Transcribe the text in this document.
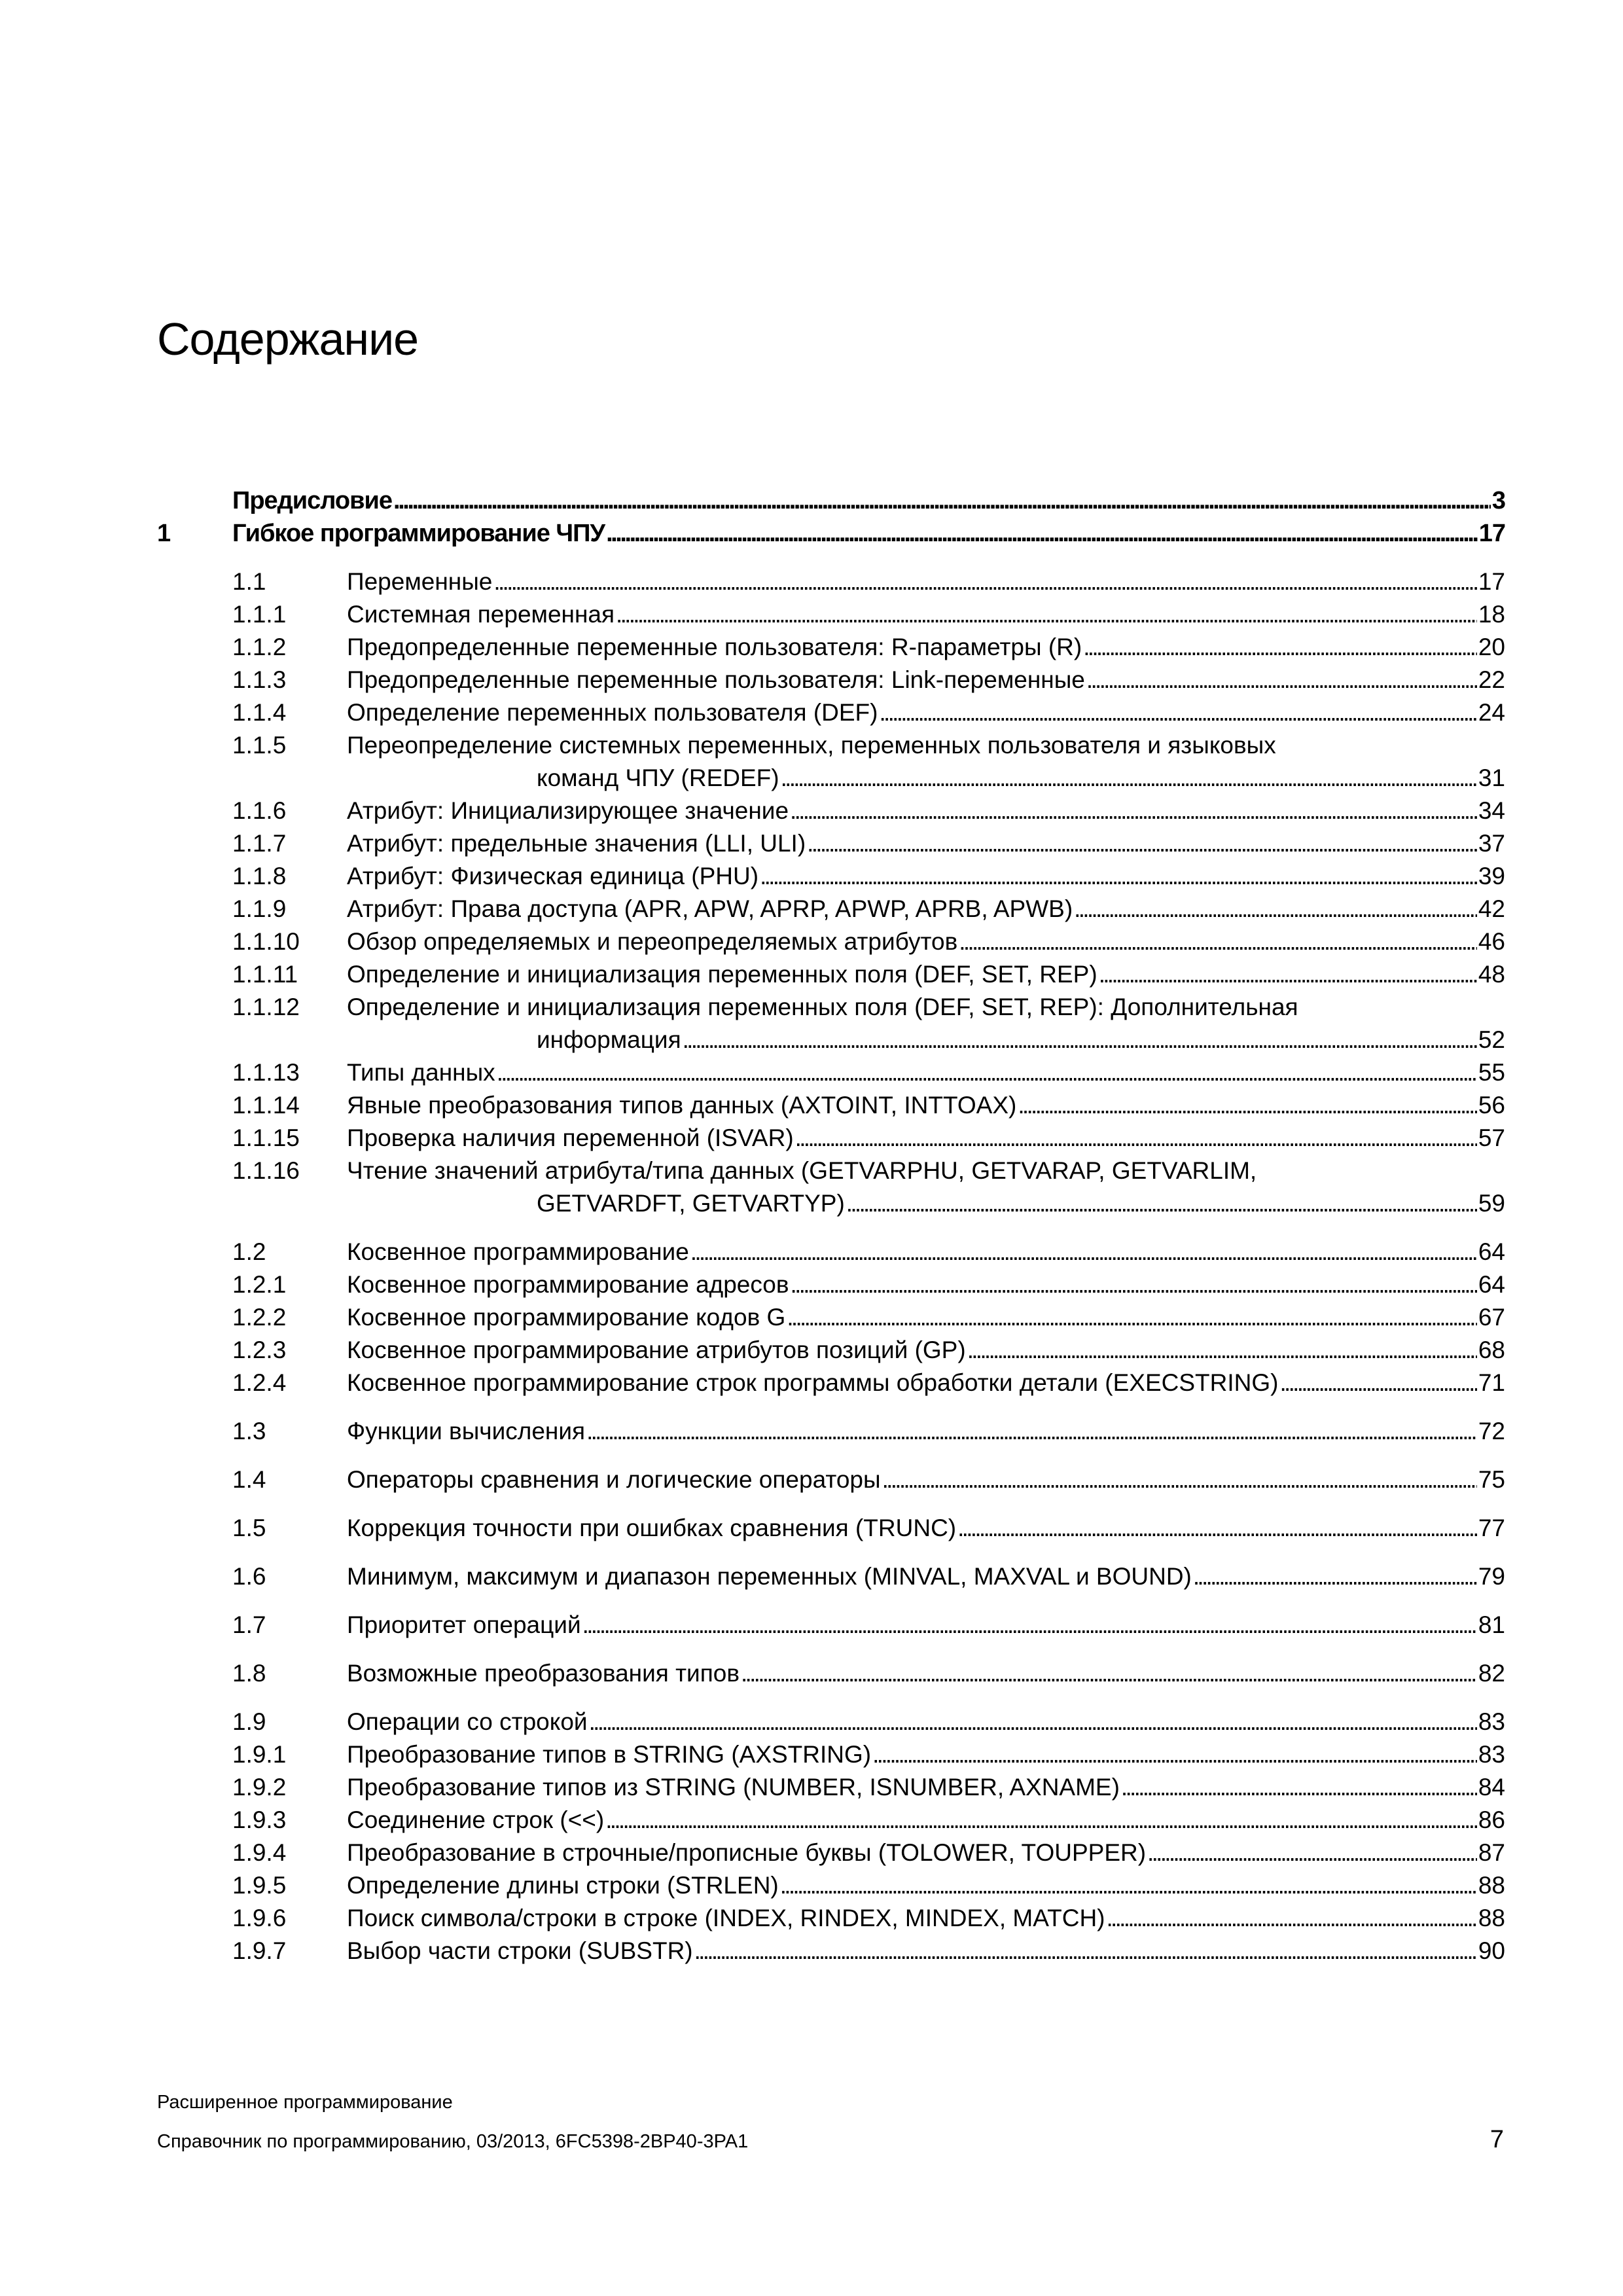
Содержание
Предисловие . . .	3
1 Гибкое программирование ЧПУ . . .	17
1.1	Переменные . . .	17
1.1.1	Системная переменная . . .	18
1.1.2	Предопределенные переменные пользователя: R-параметры (R) . . .	20
1.1.3	Предопределенные переменные пользователя: Link-переменные . . .	22
1.1.4	Определение переменных пользователя (DEF) . . .	24
1.1.5	Переопределение системных переменных, переменных пользователя и языковых
команд ЧПУ (REDEF) . . .	31
1.1.6	Атрибут: Инициализирующее значение . . .	34
1.1.7	Атрибут: предельные значения (LLI, ULI) . . .	37
1.1.8	Атрибут: Физическая единица (PHU) . . .	39
1.1.9	Атрибут: Права доступа (APR, APW, APRP, APWP, APRB, APWB) . . .	42
1.1.10 Обзор определяемых и переопределяемых атрибутов . . .	46
1.1.11 Определение и инициализация переменных поля (DEF, SET, REP) . . .	48
1.1.12 Определение и инициализация переменных поля (DEF, SET, REP): Дополнительная
информация . . .	52
1.1.13 Типы данных . . .	55
1.1.14 Явные преобразования типов данных (AXTOINT, INTTOAX) . . .	56
1.1.15 Проверка наличия переменной (ISVAR) . . .	57
1.1.16 Чтение значений атрибута/типа данных (GETVARPHU, GETVARAP, GETVARLIM,
GETVARDFT, GETVARTYP) . . .	59
1.2	Косвенное программирование . . .	64
1.2.1	Косвенное программирование адресов . . .	64
1.2.2	Косвенное программирование кодов G . . .	67
1.2.3	Косвенное программирование атрибутов позиций (GP) . . .	68
1.2.4	Косвенное программирование строк программы обработки детали (EXECSTRING) . . .	71
1.3	Функции вычисления . . .	72
1.4	Операторы сравнения и логические операторы . . .	75
1.5	Коррекция точности при ошибках сравнения (TRUNC) . . .	77
1.6	Минимум, максимум и диапазон переменных (MINVAL, MAXVAL и BOUND) . . .	79
1.7	Приоритет операций . . .	81
1.8	Возможные преобразования типов . . .	82
1.9	Операции со строкой . . .	83
1.9.1	Преобразование типов в STRING (AXSTRING) . . .	83
1.9.2	Преобразование типов из STRING (NUMBER, ISNUMBER, AXNAME) . . .	84
1.9.3	Соединение строк (<<) . . .	86
1.9.4	Преобразование в строчные/прописные буквы (TOLOWER, TOUPPER) . . .	87
1.9.5	Определение длины строки (STRLEN) . . .	88
1.9.6	Поиск символа/строки в строке (INDEX, RINDEX, MINDEX, MATCH) . . .	88
1.9.7	Выбор части строки (SUBSTR) . . .	90
Расширенное программирование
Справочник по программированию, 03/2013, 6FC5398-2BP40-3PA1	7
